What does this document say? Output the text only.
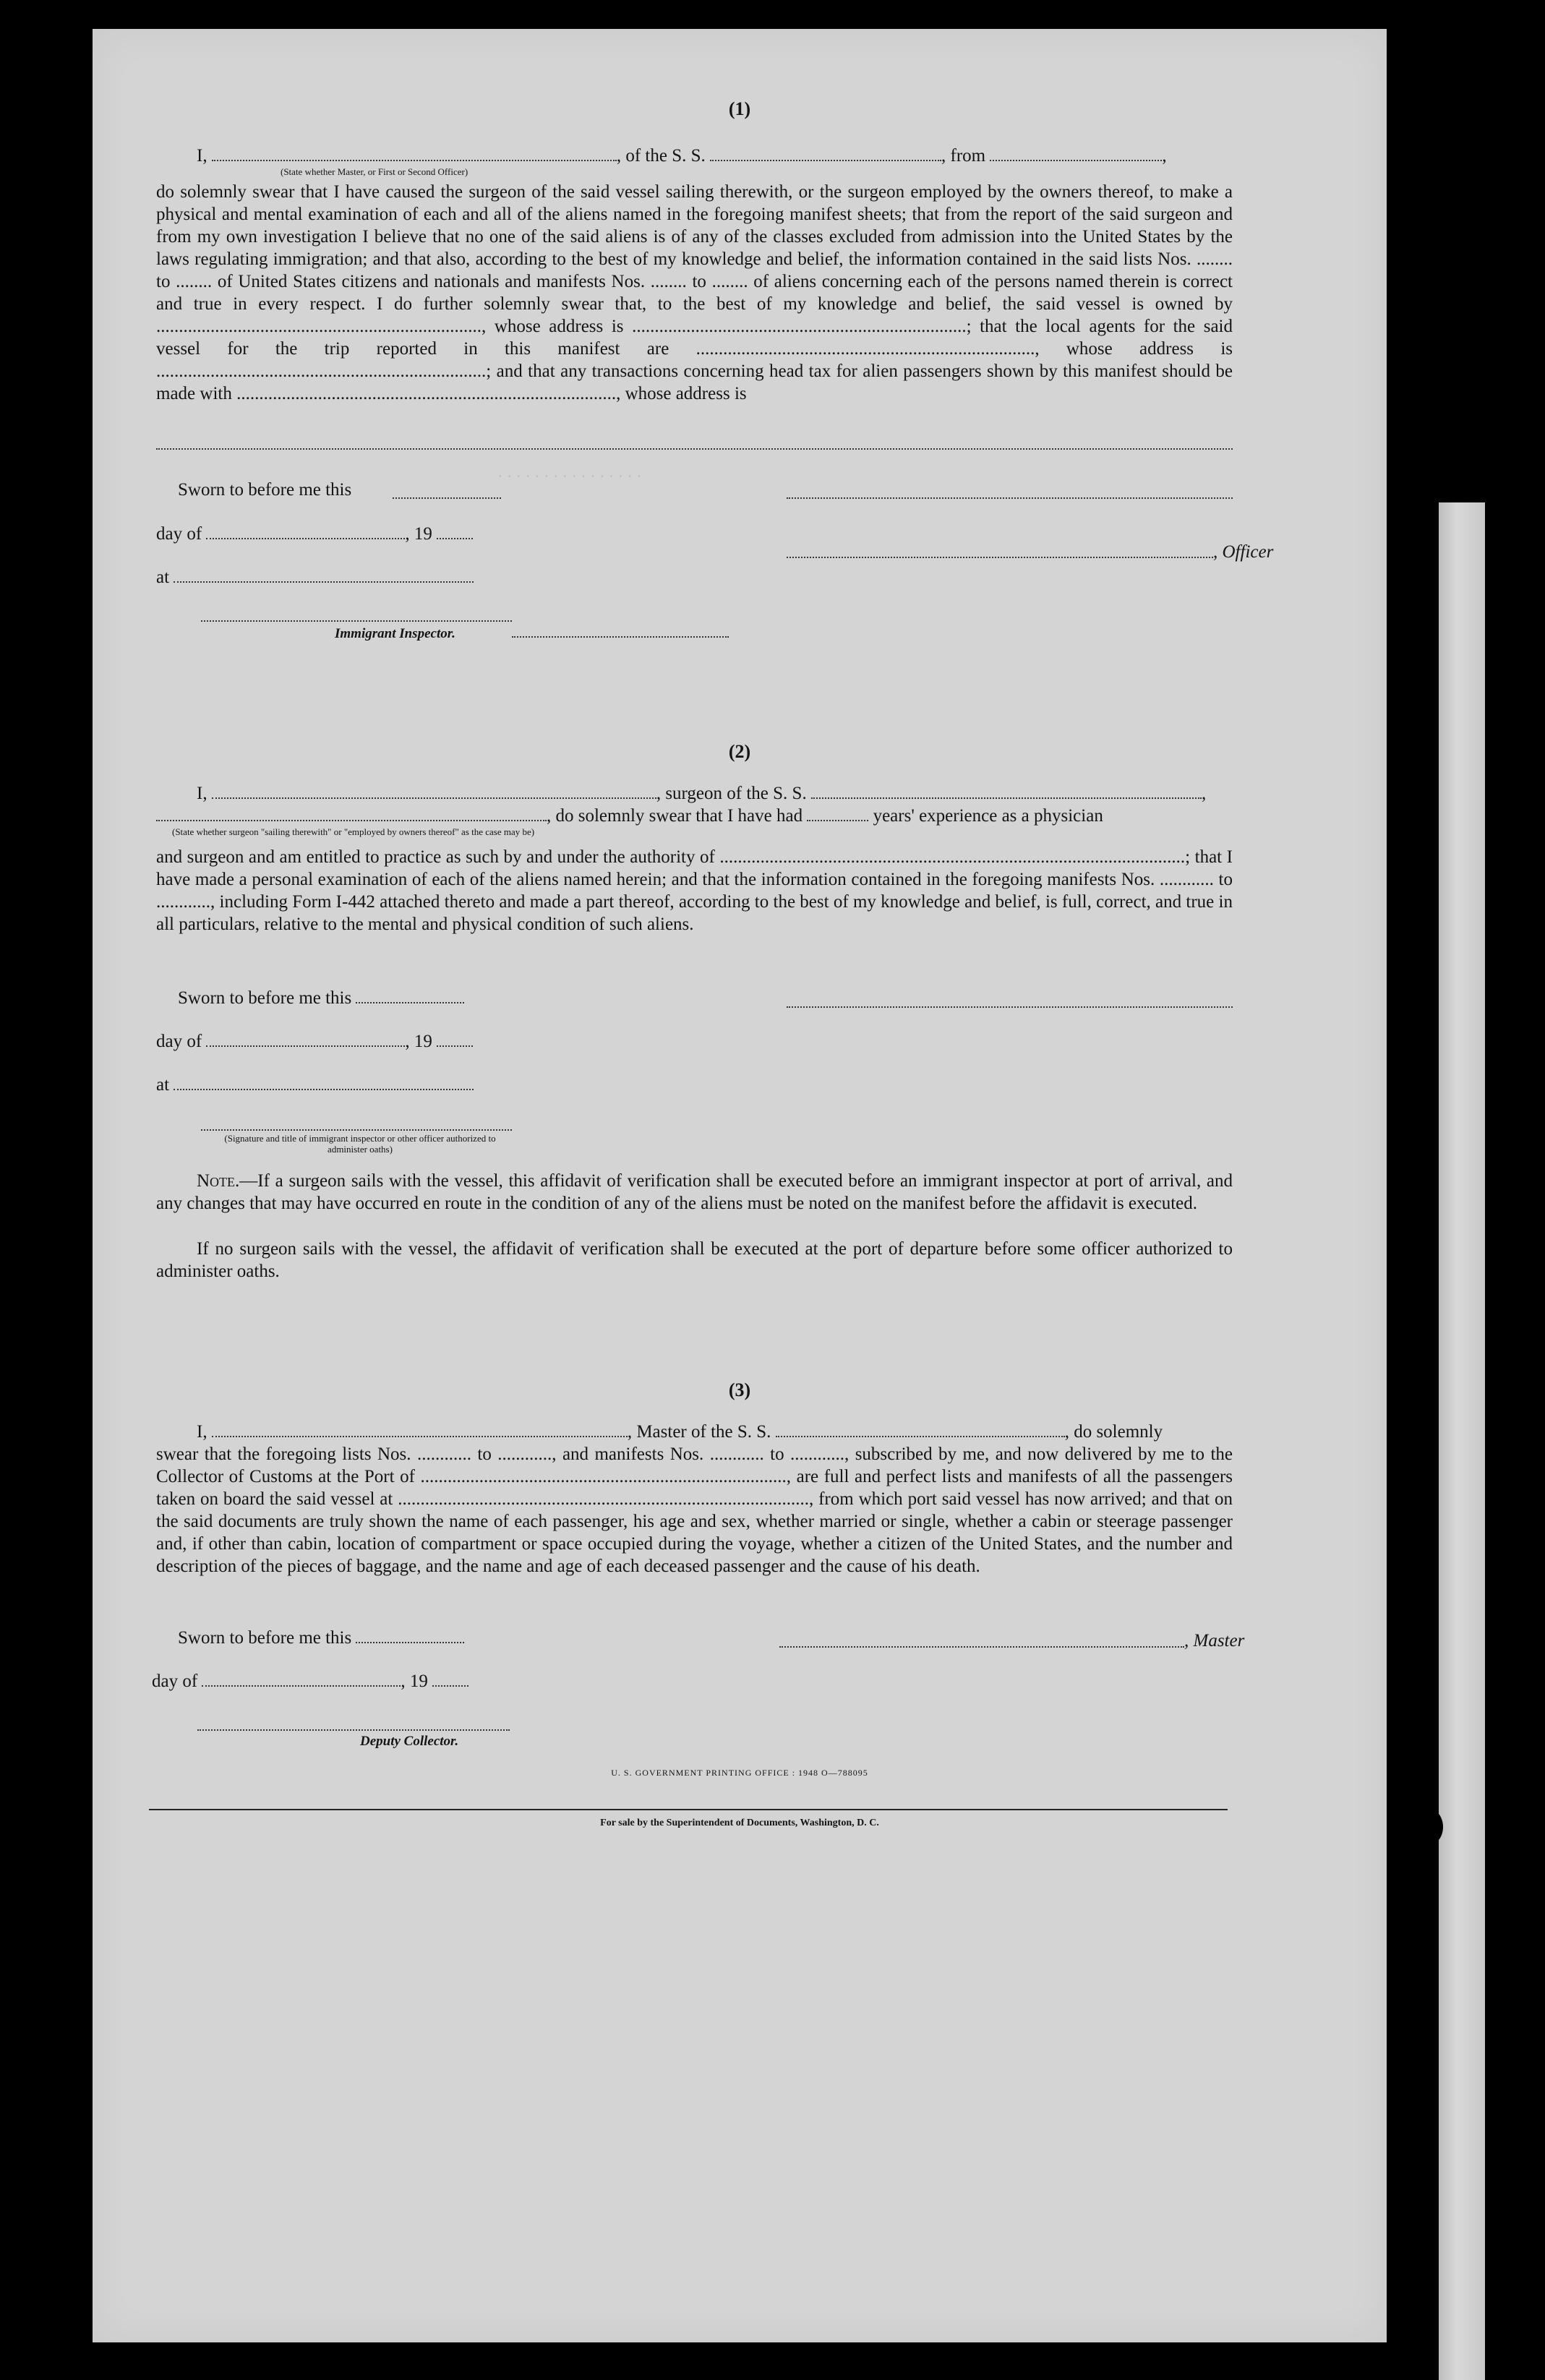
(1)
I,	, of the S. S.	, from	,
(State whether Master, or First or Second Officer)
do solemnly swear that I have caused the surgeon of the said vessel sailing therewith, or the surgeon employed by the owners thereof, to make a physical and mental examination of each and all of the aliens named in the foregoing manifest sheets; that from the report of the said surgeon and from my own investigation I believe that no one of the said aliens is of any of the classes excluded from admission into the United States by the laws regulating immigration; and that also, according to the best of my knowledge and belief, the information contained in the said lists Nos. ........ to ........ of United States citizens and nationals and manifests Nos. ........ to ........ of aliens concerning each of the persons named therein is correct and true in every respect. I do further solemnly swear that, to the best of my knowledge and belief, the said vessel is owned by ........................................................................, whose address is ..........................................................................; that the local agents for the said vessel for the trip reported in this manifest are ..........................................................................., whose address is .........................................................................; and that any transactions concerning head tax for alien passengers shown by this manifest should be made with ...................................................................................., whose address is
Sworn to before me this
· · · · · · · · · · · · · · · ·
day of	, 19
, Officer
at
Immigrant Inspector.
(2)
I,	, surgeon of the S. S.	,
, do solemnly swear that I have had	years' experience as a physician
(State whether surgeon "sailing therewith" or "employed by owners thereof" as the case may be)
and surgeon and am entitled to practice as such by and under the authority of .......................................................................................................; that I have made a personal examination of each of the aliens named herein; and that the information contained in the foregoing manifests Nos. ............ to ............, including Form I-442 attached thereto and made a part thereof, according to the best of my knowledge and belief, is full, correct, and true in all particulars, relative to the mental and physical condition of such aliens.
Sworn to before me this
day of	, 19
at
(Signature and title of immigrant inspector or other officer authorized to administer oaths)
Note.—If a surgeon sails with the vessel, this affidavit of verification shall be executed before an immigrant inspector at port of arrival, and any changes that may have occurred en route in the condition of any of the aliens must be noted on the manifest before the affidavit is executed.
If no surgeon sails with the vessel, the affidavit of verification shall be executed at the port of departure before some officer authorized to administer oaths.
(3)
I,	, Master of the S. S.	, do solemnly
swear that the foregoing lists Nos. ............ to ............, and manifests Nos. ............ to ............, subscribed by me, and now delivered by me to the Collector of Customs at the Port of ................................................................................., are full and perfect lists and manifests of all the passengers taken on board the said vessel at ..........................................................................................., from which port said vessel has now arrived; and that on the said documents are truly shown the name of each passenger, his age and sex, whether married or single, whether a cabin or steerage passenger and, if other than cabin, location of compartment or space occupied during the voyage, whether a citizen of the United States, and the number and description of the pieces of baggage, and the name and age of each deceased passenger and the cause of his death.
Sworn to before me this	, Master
day of	, 19
Deputy Collector.
U. S. GOVERNMENT PRINTING OFFICE : 1948 O—788095
For sale by the Superintendent of Documents, Washington, D. C.
